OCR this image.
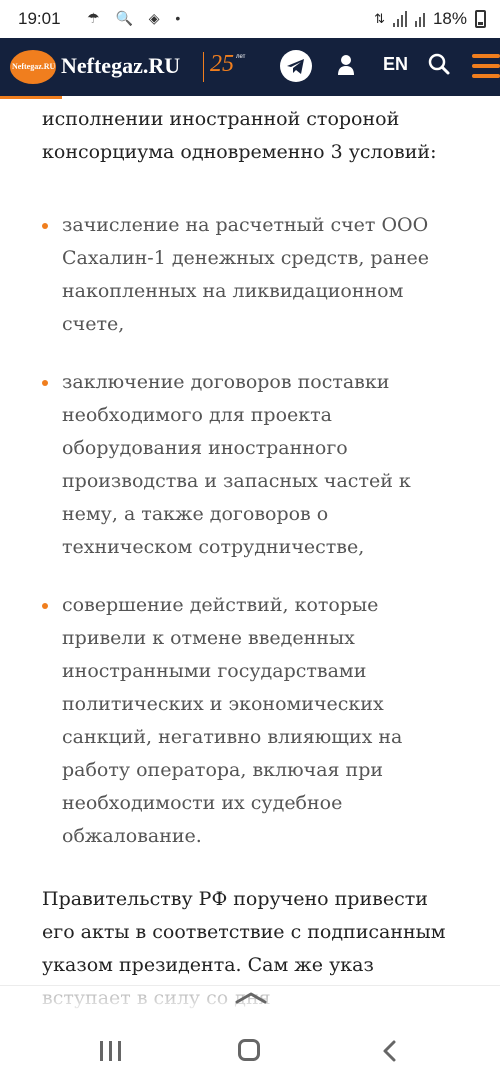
19:01 ☂ 🔍 ◈ •	⇅	18%
Neftegaz.RU Neftegaz.RU 25 лет	EN

исполнении иностранной стороной консорциума одновременно 3 условий:

зачисление на расчетный счет ООО Сахалин-1 денежных средств, ранее накопленных на ликвидационном счете,
заключение договоров поставки необходимого для проекта оборудования иностранного производства и запасных частей к нему, а также договоров о техническом сотрудничестве,
совершение действий, которые привели к отмене введенных иностранными государствами политических и экономических санкций, негативно влияющих на работу оператора, включая при необходимости их судебное обжалование.

Правительству РФ поручено привести его акты в соответствие с подписанным указом президента. Сам же указ
